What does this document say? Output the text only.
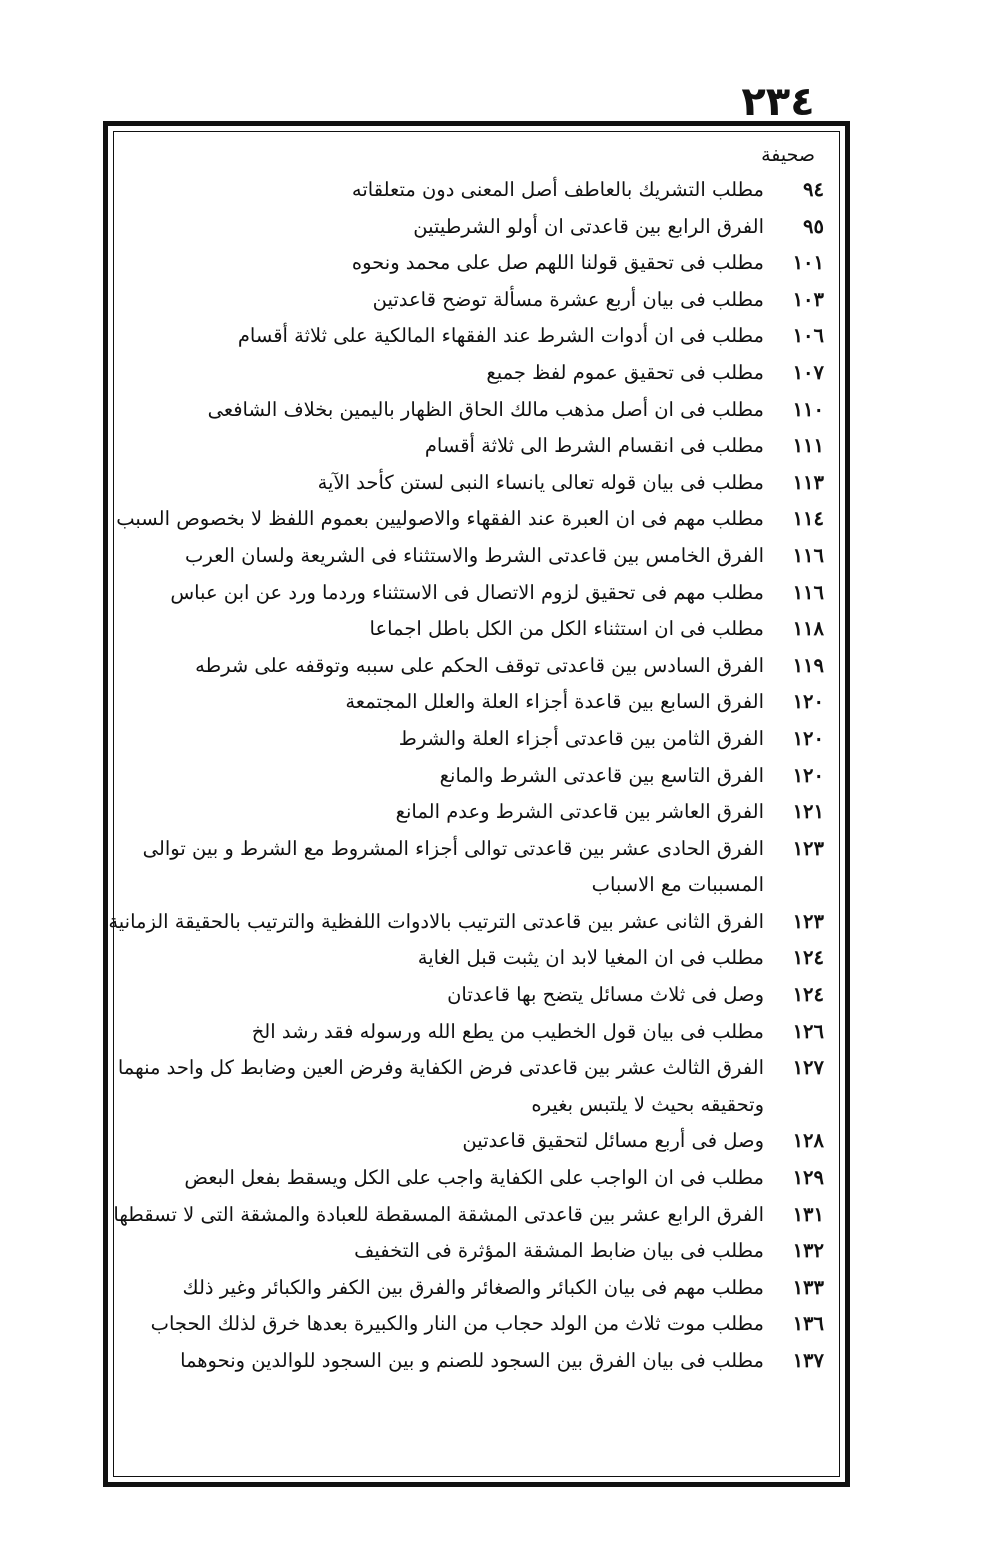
٢٣٤
صحيفة
٩٤
مطلب التشريك بالعاطف أصل المعنى دون متعلقاته
٩٥
الفرق الرابع بين قاعدتى ان أولو الشرطيتين
١٠١
مطلب فى تحقيق قولنا اللهم صل على محمد ونحوه
١٠٣
مطلب فى بيان أربع عشرة مسألة توضح قاعدتين
١٠٦
مطلب فى ان أدوات الشرط عند الفقهاء المالكية على ثلاثة أقسام
١٠٧
مطلب فى تحقيق عموم لفظ جميع
١١٠
مطلب فى ان أصل مذهب مالك الحاق الظهار باليمين بخلاف الشافعى
١١١
مطلب فى انقسام الشرط الى ثلاثة أقسام
١١٣
مطلب فى بيان قوله تعالى يانساء النبى لستن كأحد الآية
١١٤
مطلب مهم فى ان العبرة عند الفقهاء والاصوليين بعموم اللفظ لا بخصوص السبب
١١٦
الفرق الخامس بين قاعدتى الشرط والاستثناء فى الشريعة ولسان العرب
١١٦
مطلب مهم فى تحقيق لزوم الاتصال فى الاستثناء وردما ورد عن ابن عباس
١١٨
مطلب فى ان استثناء الكل من الكل باطل اجماعا
١١٩
الفرق السادس بين قاعدتى توقف الحكم على سببه وتوقفه على شرطه
١٢٠
الفرق السابع بين قاعدة أجزاء العلة والعلل المجتمعة
١٢٠
الفرق الثامن بين قاعدتى أجزاء العلة والشرط
١٢٠
الفرق التاسع بين قاعدتى الشرط والمانع
١٢١
الفرق العاشر بين قاعدتى الشرط وعدم المانع
١٢٣
الفرق الحادى عشر بين قاعدتى توالى أجزاء المشروط مع الشرط و بين توالى المسببات مع الاسباب
١٢٣
الفرق الثانى عشر بين قاعدتى الترتيب بالادوات اللفظية والترتيب بالحقيقة الزمانية
١٢٤
مطلب فى ان المغيا لابد ان يثبت قبل الغاية
١٢٤
وصل فى ثلاث مسائل يتضح بها قاعدتان
١٢٦
مطلب فى بيان قول الخطيب من يطع الله ورسوله فقد رشد الخ
١٢٧
الفرق الثالث عشر بين قاعدتى فرض الكفاية وفرض العين وضابط كل واحد منهما وتحقيقه بحيث لا يلتبس بغيره
١٢٨
وصل فى أربع مسائل لتحقيق قاعدتين
١٢٩
مطلب فى ان الواجب على الكفاية واجب على الكل ويسقط بفعل البعض
١٣١
الفرق الرابع عشر بين قاعدتى المشقة المسقطة للعبادة والمشقة التى لا تسقطها
١٣٢
مطلب فى بيان ضابط المشقة المؤثرة فى التخفيف
١٣٣
مطلب مهم فى بيان الكبائر والصغائر والفرق بين الكفر والكبائر وغير ذلك
١٣٦
مطلب موت ثلاث من الولد حجاب من النار والكبيرة بعدها خرق لذلك الحجاب
١٣٧
مطلب فى بيان الفرق بين السجود للصنم و بين السجود للوالدين ونحوهما
